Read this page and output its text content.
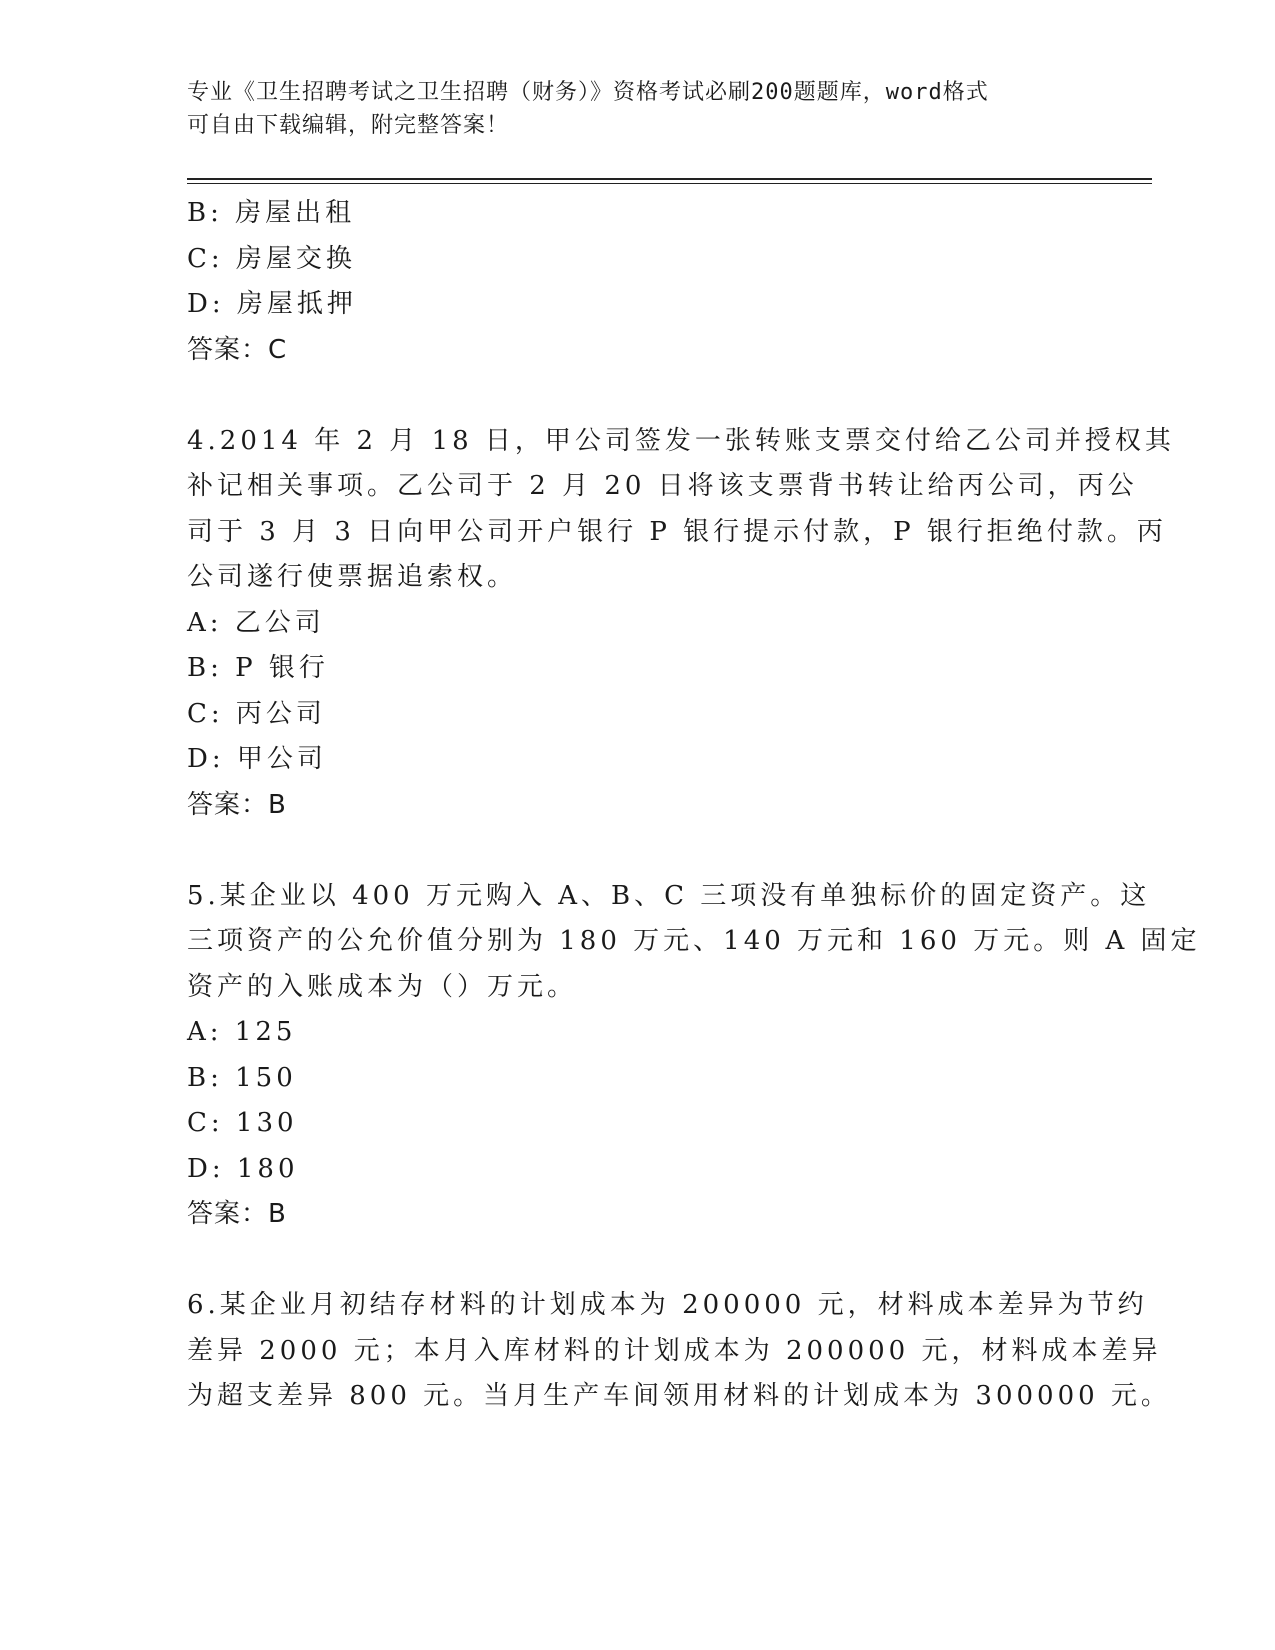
专业《卫生招聘考试之卫生招聘（财务）》资格考试必刷200题题库，word格式
可自由下载编辑，附完整答案！
B: 房屋出租
C: 房屋交换
D: 房屋抵押
答案：C
4.2014 年 2 月 18 日，甲公司签发一张转账支票交付给乙公司并授权其
补记相关事项。乙公司于 2 月 20 日将该支票背书转让给丙公司，丙公
司于 3 月 3 日向甲公司开户银行 P 银行提示付款，P 银行拒绝付款。丙
公司遂行使票据追索权。
A: 乙公司
B: P 银行
C: 丙公司
D: 甲公司
答案：B
5.某企业以 400 万元购入 A、B、C 三项没有单独标价的固定资产。这
三项资产的公允价值分别为 180 万元、140 万元和 160 万元。则 A 固定
资产的入账成本为（）万元。
A: 125
B: 150
C: 130
D: 180
答案：B
6.某企业月初结存材料的计划成本为 200000 元，材料成本差异为节约
差异 2000 元；本月入库材料的计划成本为 200000 元，材料成本差异
为超支差异 800 元。当月生产车间领用材料的计划成本为 300000 元。
